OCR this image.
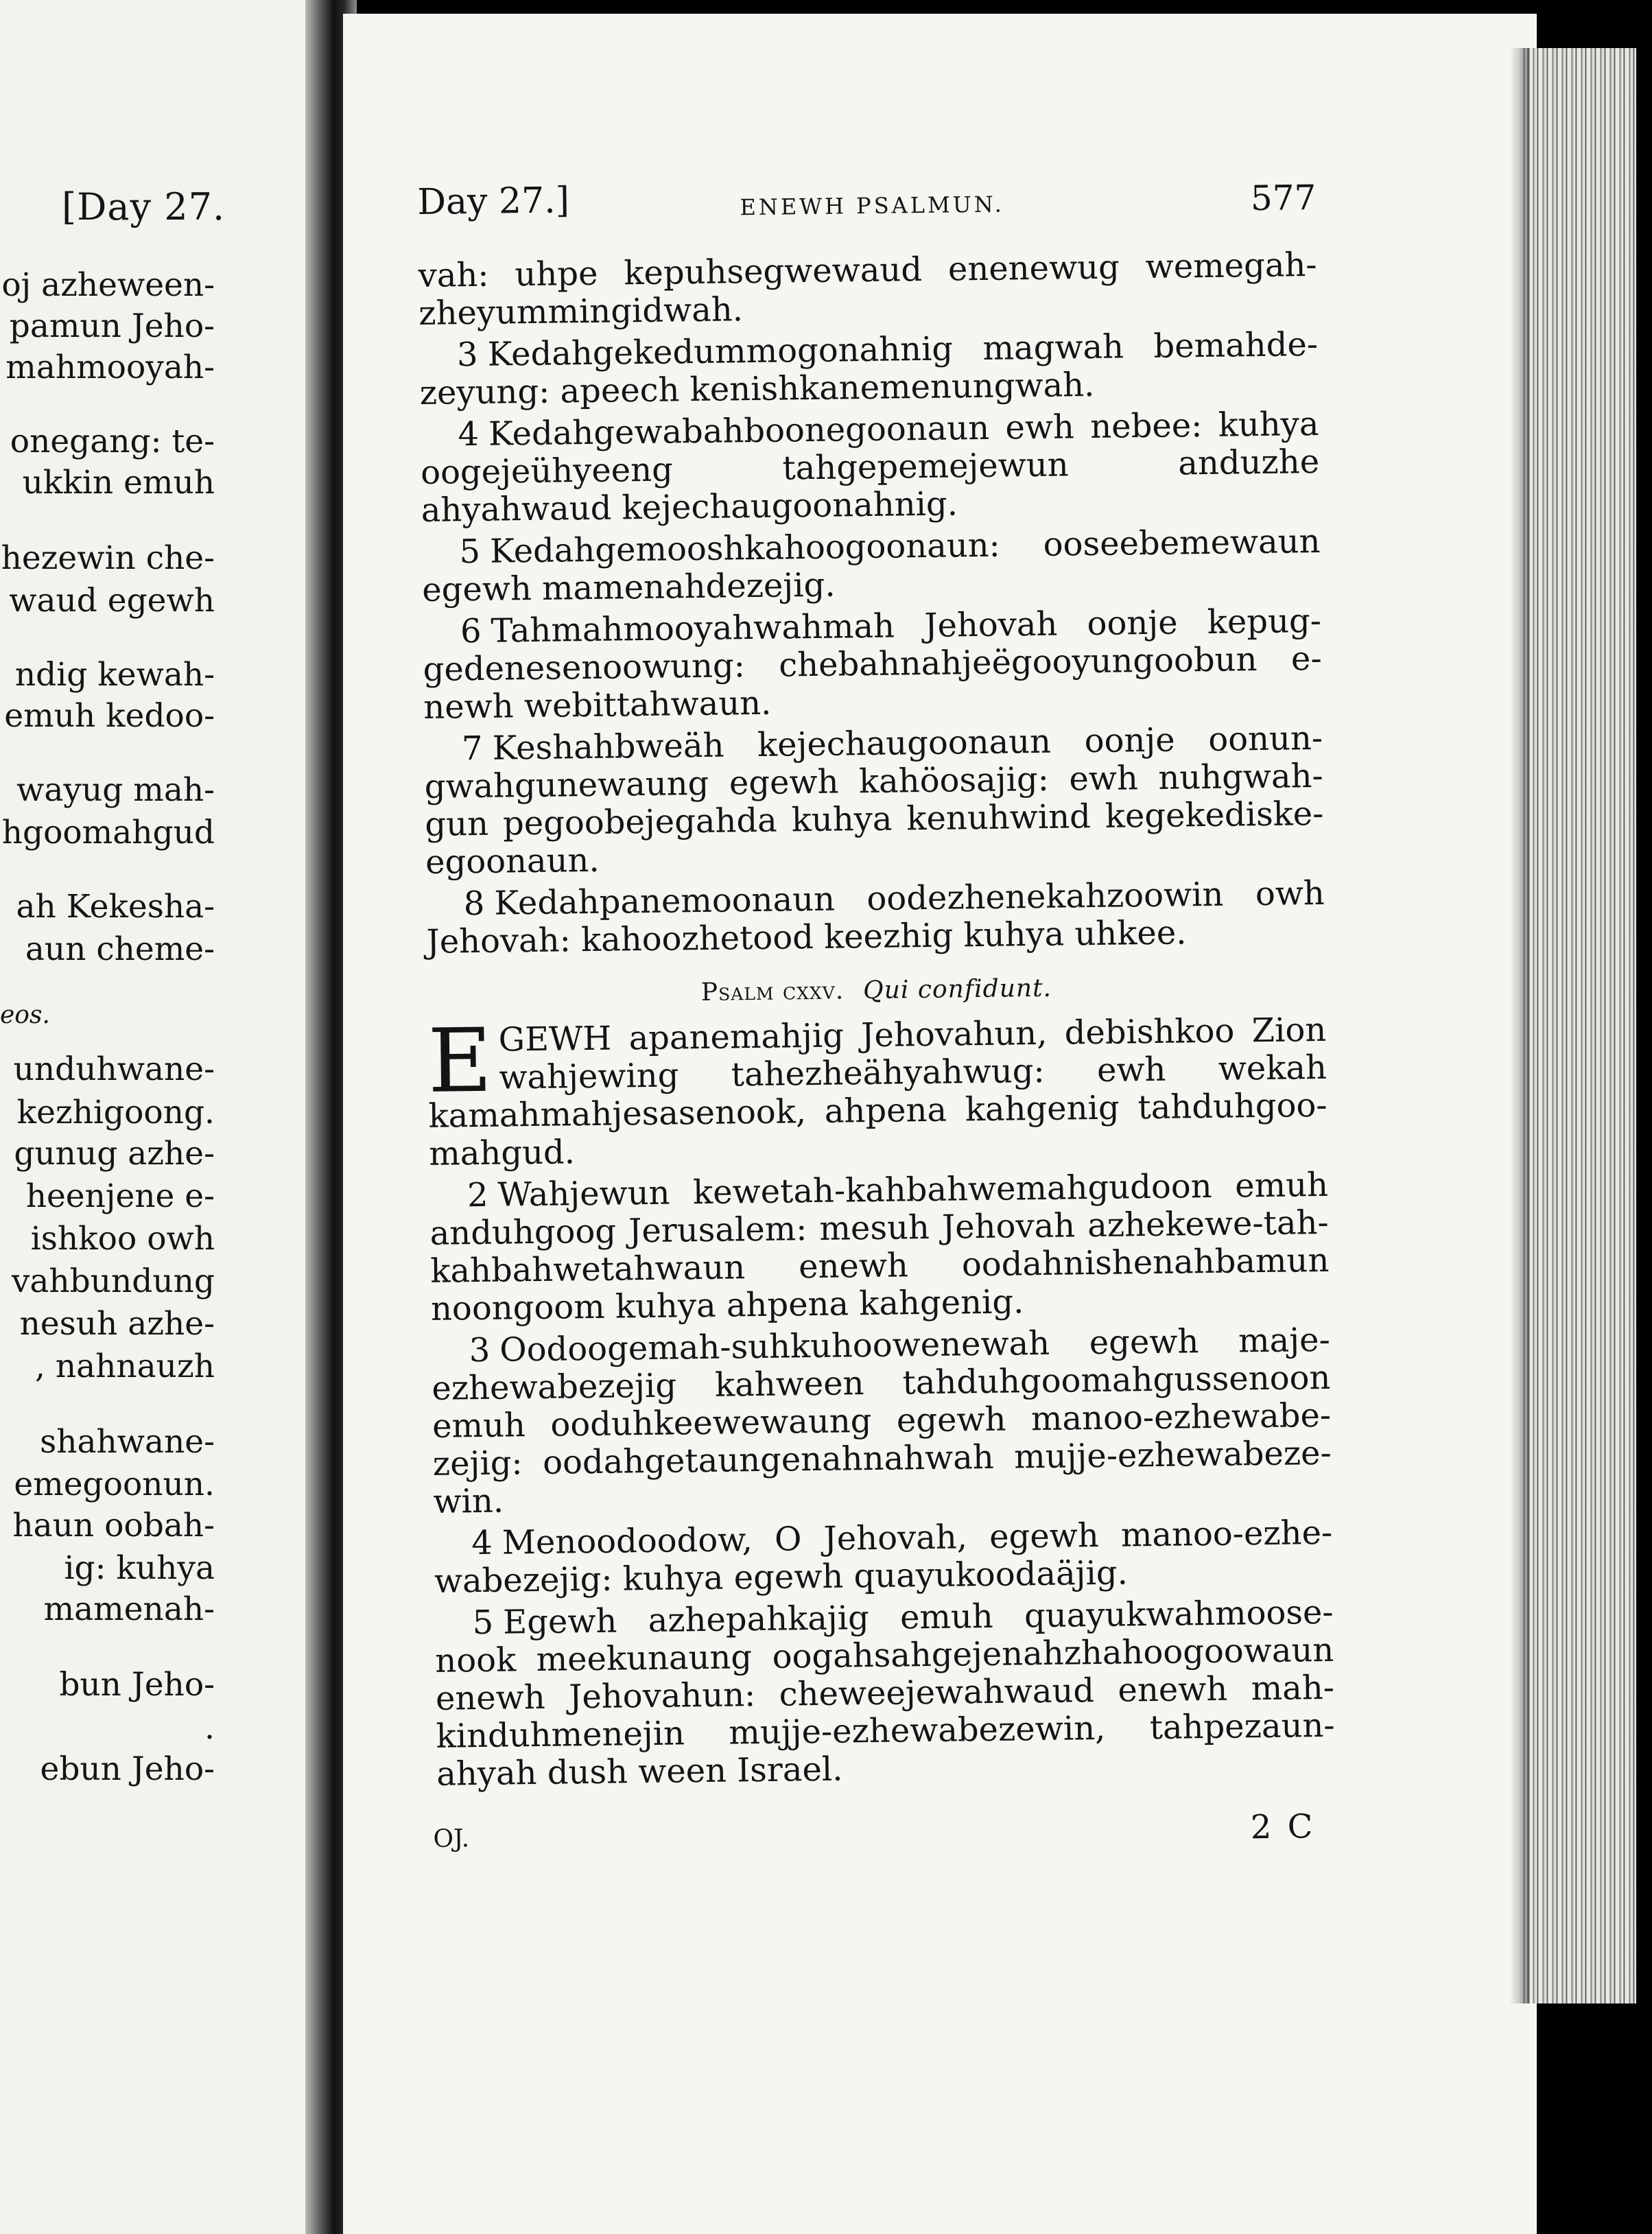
[Day 27.
oj azheween-
pamun Jeho-
mahmooyah-
onegang: te-
ukkin emuh
hezewin che-
waud egewh
ndig kewah-
emuh kedoo-
wayug mah-
hgoomahgud
ah Kekesha-
aun cheme-
eos.
unduhwane-
kezhigoong.
gunug azhe-
heenjene e-
ishkoo owh
vahbundung
nesuh azhe-
, nahnauzh
shahwane-
emegoonun.
haun oobah-
ig: kuhya
mamenah-
bun Jeho-
.
ebun Jeho-
Day 27.]	ENEWH PSALMUN.	577

vah: uhpe kepuhsegwewaud enenewug wemegah-zheyummingidwah.

3 Kedahgekedummogonahnig magwah bemahde-zeyung: apeech kenishkanemenungwah.

4 Kedahgewabahboonegoonaun ewh nebee: kuhya oogejeühyeeng tahgepemejewun anduzhe ahyahwaud kejechaugoonahnig.

5 Kedahgemooshkahoogoonaun: ooseebemewaun egewh mamenahdezejig.

6 Tahmahmooyahwahmah Jehovah oonje kepug-gedenesenoowung: chebahnahjeëgooyungoobun e-newh webittahwaun.

7 Keshahbweäh kejechaugoonaun oonje oonun-gwahgunewaung egewh kahöosajig: ewh nuhgwah-gun pegoobejegahda kuhya kenuhwind kegekediske-egoonaun.

8 Kedahpanemoonaun oodezhenekahzoowin owh Jehovah: kahoozhetood keezhig kuhya uhkee.

Psalm cxxv. Qui confidunt.

EGEWH apanemahjig Jehovahun, debishkoo Zion wahjewing tahezheähyahwug: ewh wekah kamahmahjesasenook, ahpena kahgenig tahduhgoo-mahgud.

2 Wahjewun kewetah-kahbahwemahgudoon emuh anduhgoog Jerusalem: mesuh Jehovah azhekewe-tah-kahbahwetahwaun enewh oodahnishenahbamun noongoom kuhya ahpena kahgenig.

3 Oodoogemah-suhkuhoowenewah egewh maje-ezhewabezejig kahween tahduhgoomahgussenoon emuh ooduhkeewewaung egewh manoo-ezhewabe-zejig: oodahgetaungenahnahwah mujje-ezhewabeze-win.

4 Menoodoodow, O Jehovah, egewh manoo-ezhe-wabezejig: kuhya egewh quayukoodaäjig.

5 Egewh azhepahkajig emuh quayukwahmoose-nook meekunaung oogahsahgejenahzhahoogoowaun enewh Jehovahun: cheweejewahwaud enewh mah-kinduhmenejin mujje-ezhewabezewin, tahpezaun-ahyah dush ween Israel.

OJ.	2 C
